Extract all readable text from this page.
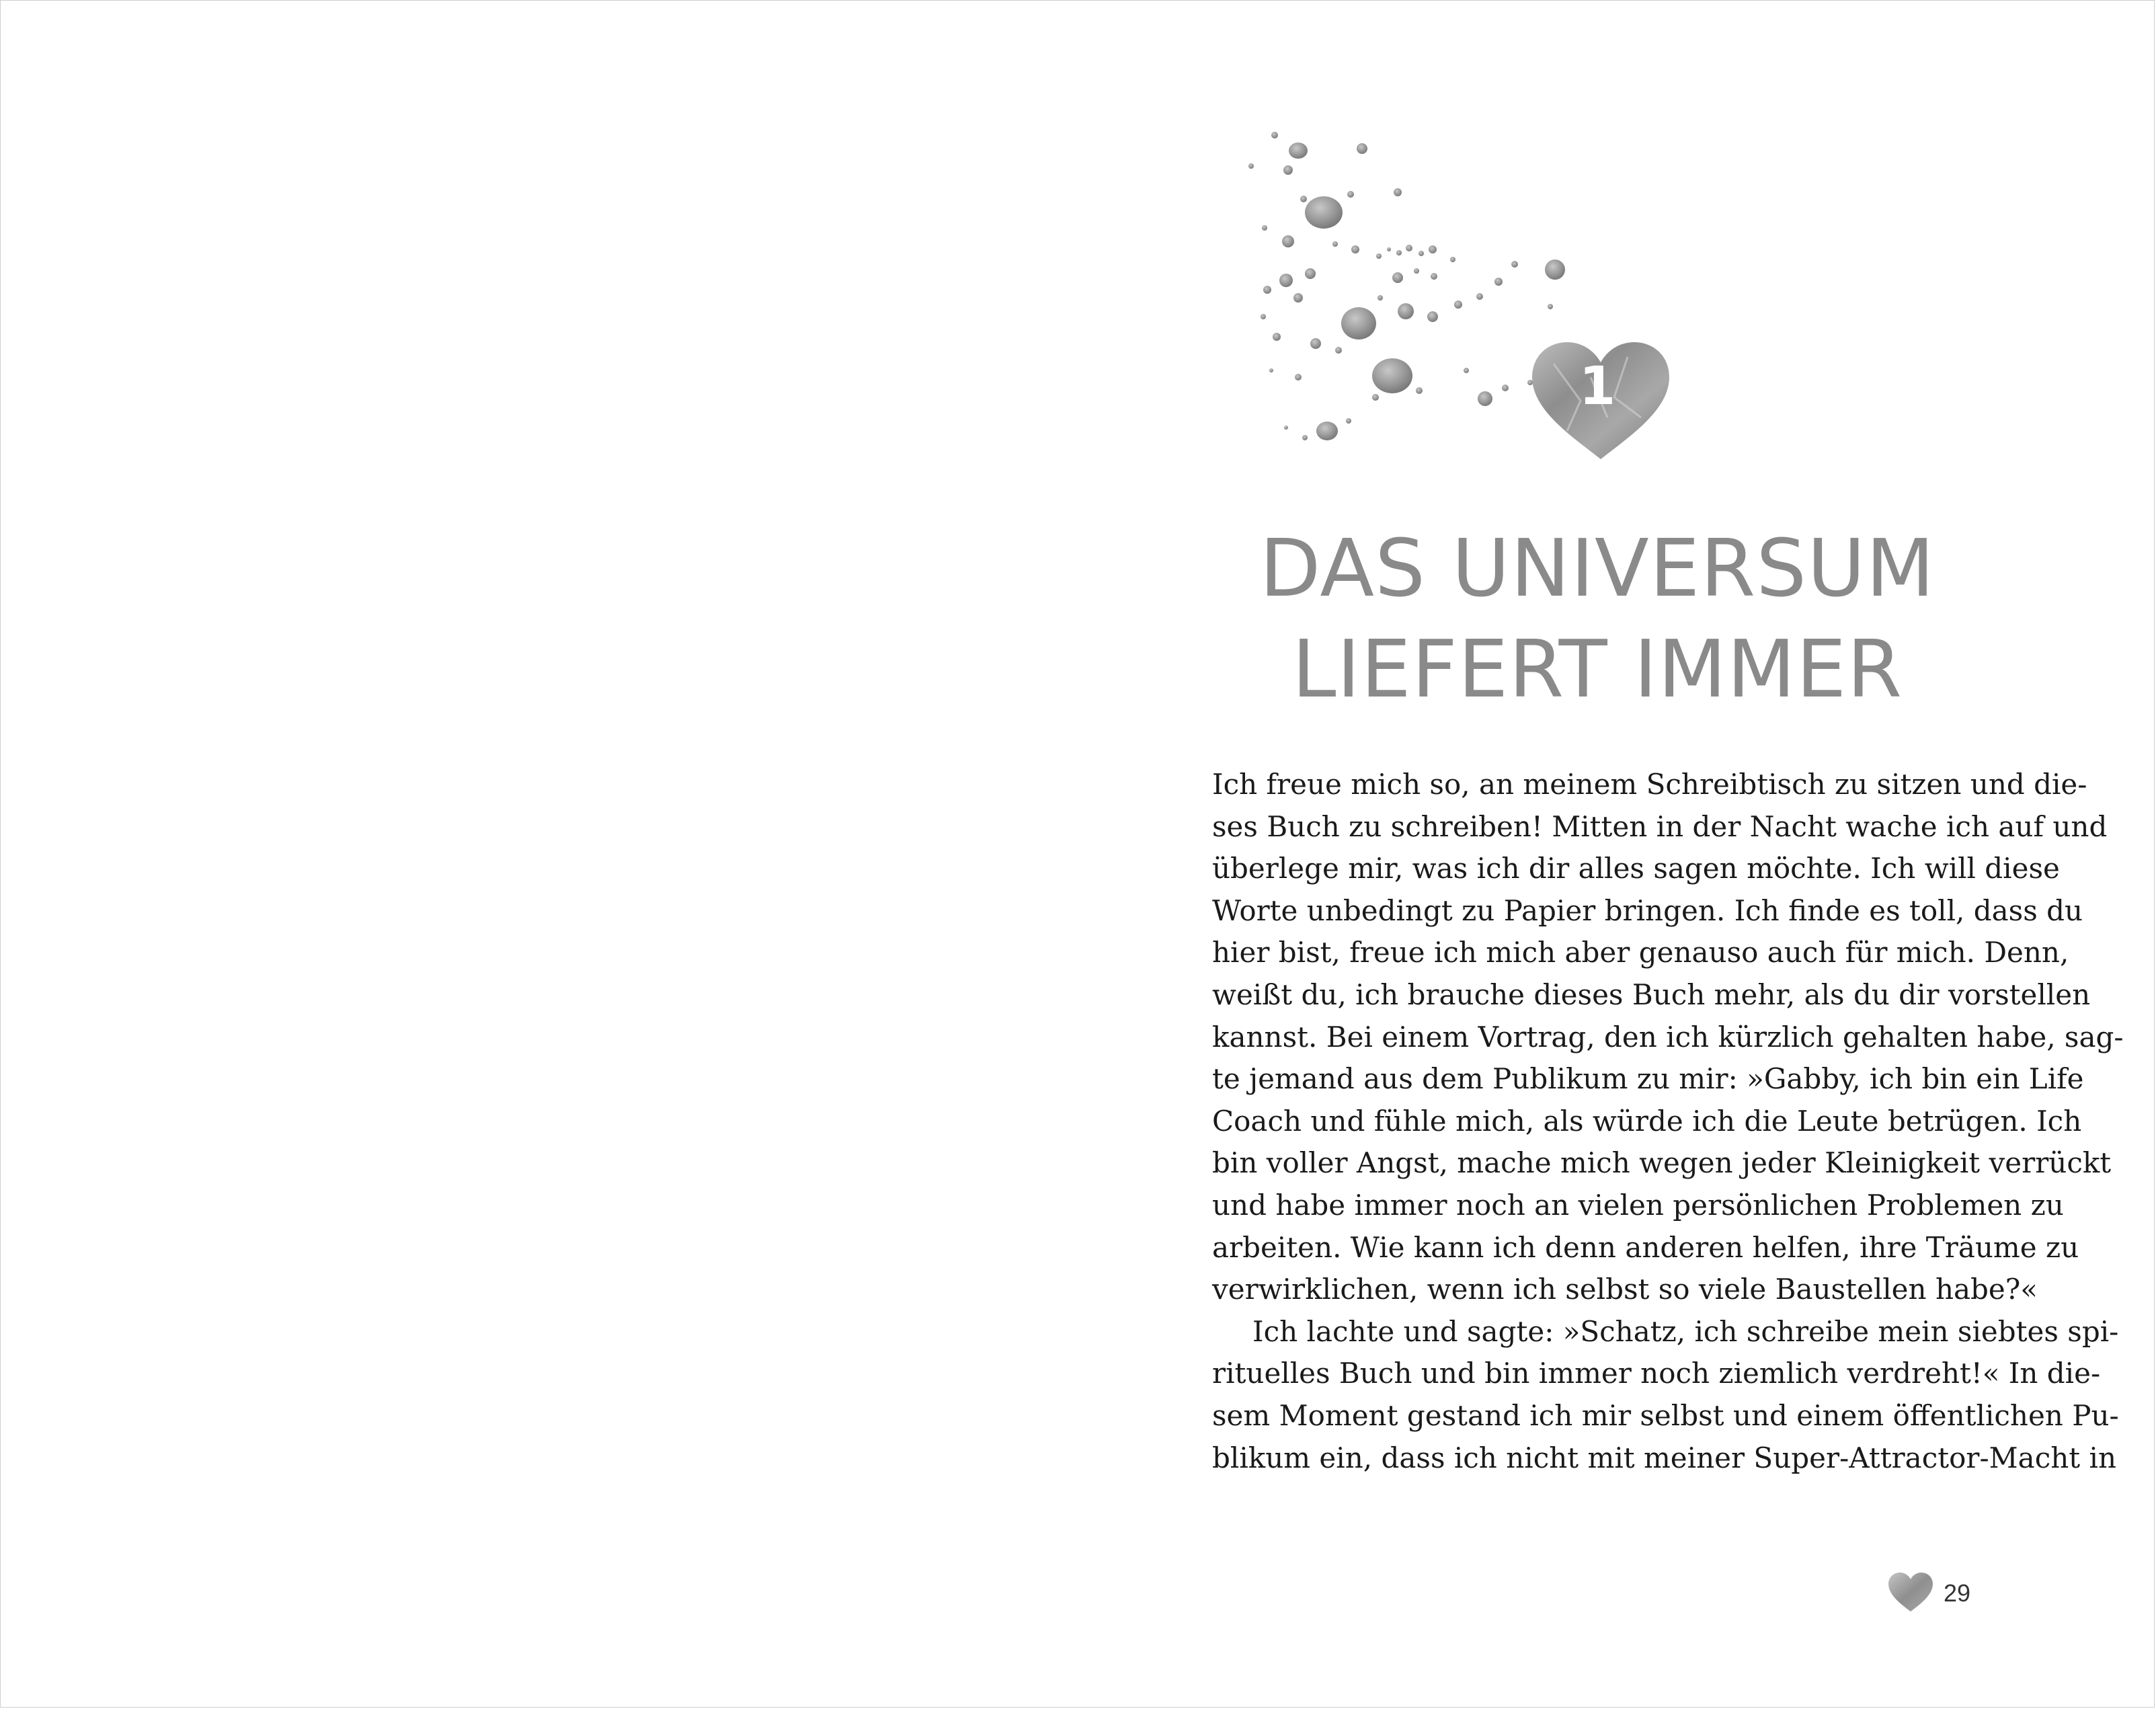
1
DAS UNIVERSUM
LIEFERT IMMER
Ich freue mich so, an meinem Schreibtisch zu sitzen und die-
ses Buch zu schreiben! Mitten in der Nacht wache ich auf und
überlege mir, was ich dir alles sagen möchte. Ich will diese
Worte unbedingt zu Papier bringen. Ich finde es toll, dass du
hier bist, freue ich mich aber genauso auch für mich. Denn,
weißt du, ich brauche dieses Buch mehr, als du dir vorstellen
kannst. Bei einem Vortrag, den ich kürzlich gehalten habe, sag-
te jemand aus dem Publikum zu mir: »Gabby, ich bin ein Life
Coach und fühle mich, als würde ich die Leute betrügen. Ich
bin voller Angst, mache mich wegen jeder Kleinigkeit verrückt
und habe immer noch an vielen persönlichen Problemen zu
arbeiten. Wie kann ich denn anderen helfen, ihre Träume zu
verwirklichen, wenn ich selbst so viele Baustellen habe?«
Ich lachte und sagte: »Schatz, ich schreibe mein siebtes spi-
rituelles Buch und bin immer noch ziemlich verdreht!« In die-
sem Moment gestand ich mir selbst und einem öffentlichen Pu-
blikum ein, dass ich nicht mit meiner Super-Attractor-Macht in
29
